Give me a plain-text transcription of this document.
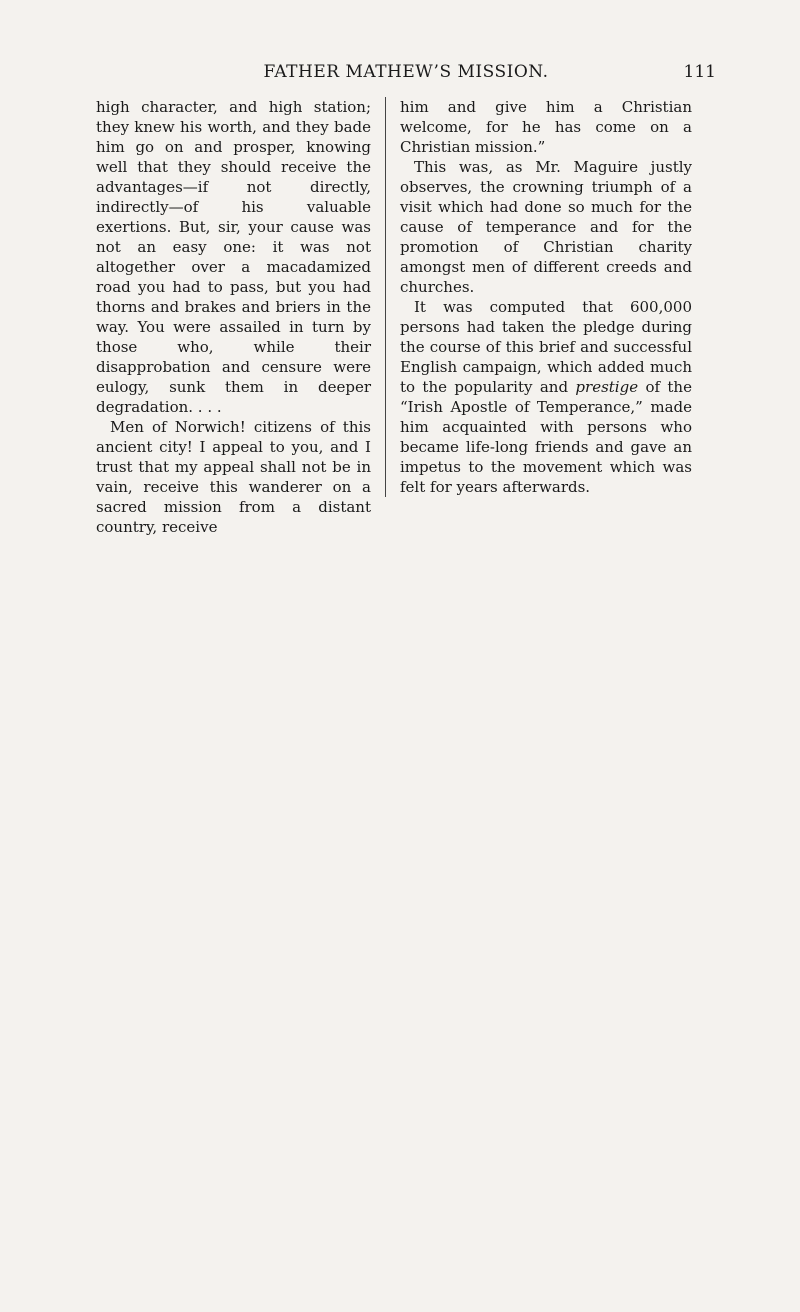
FATHER MATHEW’S MISSION.	111

high character, and high station; they knew his worth, and they bade him go on and prosper, knowing well that they should receive the advantages—if not directly, indirectly—of his valuable exertions. But, sir, your cause was not an easy one: it was not altogether over a macadamized road you had to pass, but you had thorns and brakes and briers in the way. You were assailed in turn by those who, while their disapprobation and censure were eulogy, sunk them in deeper degradation. . . .

Men of Norwich! citizens of this ancient city! I appeal to you, and I trust that my appeal shall not be in vain, receive this wanderer on a sacred mission from a distant country, receive

him and give him a Christian welcome, for he has come on a Christian mission.”

This was, as Mr. Maguire justly observes, the crowning triumph of a visit which had done so much for the cause of temperance and for the promotion of Christian charity amongst men of different creeds and churches.

It was computed that 600,000 persons had taken the pledge during the course of this brief and successful English campaign, which added much to the popularity and prestige of the “Irish Apostle of Temperance,” made him acquainted with persons who became life-long friends and gave an impetus to the movement which was felt for years afterwards.
